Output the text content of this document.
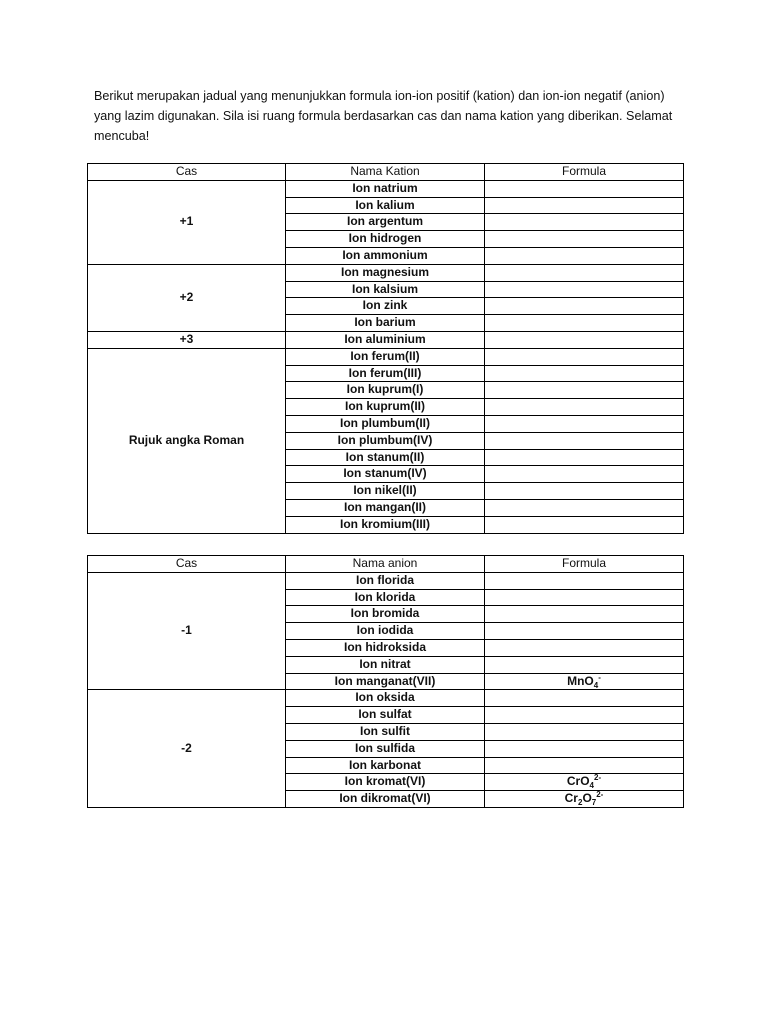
Berikut merupakan jadual yang menunjukkan formula ion-ion positif (kation) dan ion-ion negatif (anion) yang lazim digunakan. Sila isi ruang formula berdasarkan cas dan nama kation yang diberikan. Selamat mencuba!

Cas	Nama Kation	Formula
+1	Ion natrium	
	Ion kalium	
	Ion argentum	
	Ion hidrogen	
	Ion ammonium	
+2	Ion magnesium	
	Ion kalsium	
	Ion zink	
	Ion barium	
+3	Ion aluminium	
Rujuk angka Roman	Ion ferum(II)	
	Ion ferum(III)	
	Ion kuprum(I)	
	Ion kuprum(II)	
	Ion plumbum(II)	
	Ion plumbum(IV)	
	Ion stanum(II)	
	Ion stanum(IV)	
	Ion nikel(II)	
	Ion mangan(II)	
	Ion kromium(III)	
Cas	Nama anion	Formula
-1	Ion florida	
	Ion klorida	
	Ion bromida	
	Ion iodida	
	Ion hidroksida	
	Ion nitrat	
	Ion manganat(VII)	MnO$_4$-
-2	Ion oksida	
	Ion sulfat	
	Ion sulfit	
	Ion sulfida	
	Ion karbonat	
	Ion kromat(VI)	CrO$_4^{2-}$
	Ion dikromat(VI)	$Cr_2O_7^{2-}$
